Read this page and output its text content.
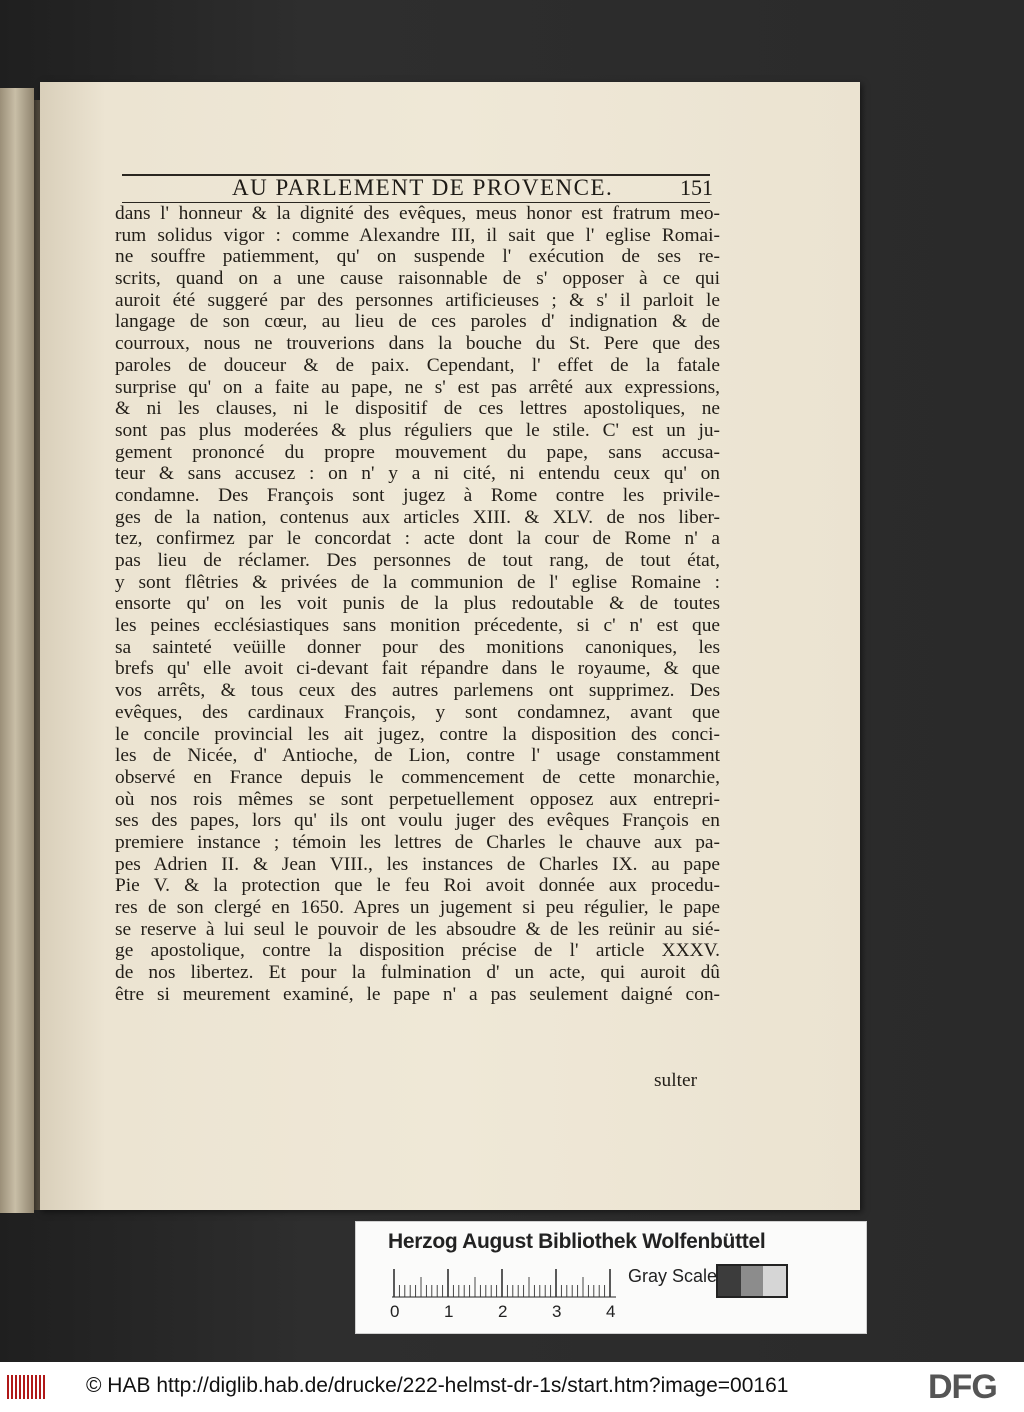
AU PARLEMENT DE PROVENCE.	151
dans l' honneur & la dignité des evêques, meus honor est fratrum meo-
rum solidus vigor : comme Alexandre III, il sait que l' eglise Romai-
ne souffre patiemment, qu' on suspende l' exécution de ses re-
scrits, quand on a une cause raisonnable de s' opposer à ce qui
auroit été suggeré par des personnes artificieuses ; & s' il parloit le
langage de son cœur, au lieu de ces paroles d' indignation & de
courroux, nous ne trouverions dans la bouche du St. Pere que des
paroles de douceur & de paix. Cependant, l' effet de la fatale
surprise qu' on a faite au pape, ne s' est pas arrêté aux expressions,
& ni les clauses, ni le dispositif de ces lettres apostoliques, ne
sont pas plus moderées & plus réguliers que le stile. C' est un ju-
gement prononcé du propre mouvement du pape, sans accusa-
teur & sans accusez : on n' y a ni cité, ni entendu ceux qu' on
condamne. Des François sont jugez à Rome contre les privile-
ges de la nation, contenus aux articles XIII. & XLV. de nos liber-
tez, confirmez par le concordat : acte dont la cour de Rome n' a
pas lieu de réclamer. Des personnes de tout rang, de tout état,
y sont flêtries & privées de la communion de l' eglise Romaine :
ensorte qu' on les voit punis de la plus redoutable & de toutes
les peines ecclésiastiques sans monition précedente, si c' n' est que
sa sainteté veüille donner pour des monitions canoniques, les
brefs qu' elle avoit ci-devant fait répandre dans le royaume, & que
vos arrêts, & tous ceux des autres parlemens ont supprimez. Des
evêques, des cardinaux François, y sont condamnez, avant que
le concile provincial les ait jugez, contre la disposition des conci-
les de Nicée, d' Antioche, de Lion, contre l' usage constamment
observé en France depuis le commencement de cette monarchie,
où nos rois mêmes se sont perpetuellement opposez aux entrepri-
ses des papes, lors qu' ils ont voulu juger des evêques François en
premiere instance ; témoin les lettres de Charles le chauve aux pa-
pes Adrien II. & Jean VIII., les instances de Charles IX. au pape
Pie V. & la protection que le feu Roi avoit donnée aux procedu-
res de son clergé en 1650. Apres un jugement si peu régulier, le pape
se reserve à lui seul le pouvoir de les absoudre & de les reünir au sié-
ge apostolique, contre la disposition précise de l' article XXXV.
de nos libertez. Et pour la fulmination d' un acte, qui auroit dû
être si meurement examiné, le pape n' a pas seulement daigné con-
sulter
Herzog August Bibliothek Wolfenbüttel
0	1	2	3	4
Gray Scale
© HAB http://diglib.hab.de/drucke/222-helmst-dr-1s/start.htm?image=00161	DFG
